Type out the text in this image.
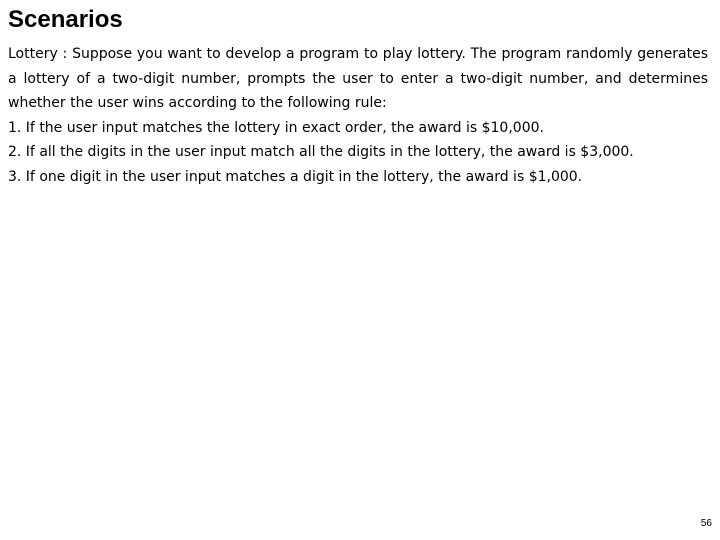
Scenarios

Lottery : Suppose you want to develop a program to play lottery. The program randomly generates a lottery of a two-digit number, prompts the user to enter a two-digit number, and determines whether the user wins according to the following rule:

1. If the user input matches the lottery in exact order, the award is $10,000.
2. If all the digits in the user input match all the digits in the lottery, the award is $3,000.
3. If one digit in the user input matches a digit in the lottery, the award is $1,000.
56
